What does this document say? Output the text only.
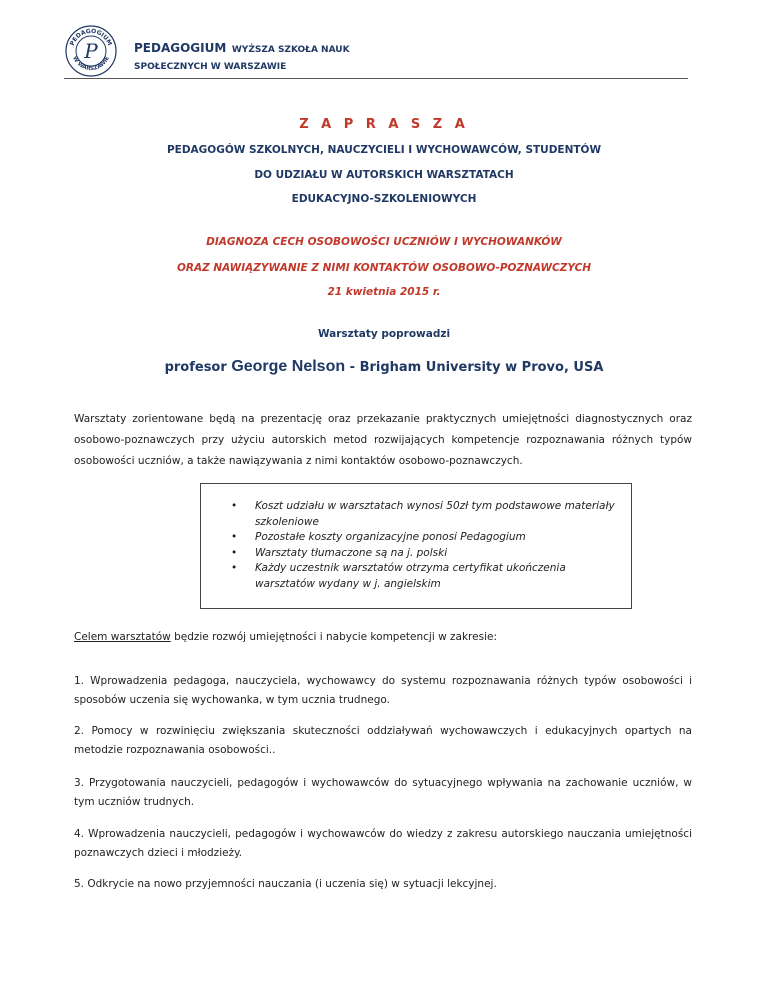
PEDAGOGIUM
W WARSZAWIE
P	PEDAGOGIUM WYŻSZA SZKOŁA NAUK
SPOŁECZNYCH W WARSZAWIE
Z A P R A S Z A
PEDAGOGÓW SZKOLNYCH, NAUCZYCIELI I WYCHOWAWCÓW, STUDENTÓW
DO UDZIAŁU W AUTORSKICH WARSZTATACH
EDUKACYJNO-SZKOLENIOWYCH
DIAGNOZA CECH OSOBOWOŚCI UCZNIÓW I WYCHOWANKÓW
ORAZ NAWIĄZYWANIE Z NIMI KONTAKTÓW OSOBOWO-POZNAWCZYCH
21 kwietnia 2015 r.
Warsztaty poprowadzi
profesor George Nelson - Brigham University w Provo, USA
Warsztaty zorientowane będą na prezentację oraz przekazanie praktycznych umiejętności diagnostycznych oraz osobowo-poznawczych przy użyciu autorskich metod rozwijających kompetencje rozpoznawania różnych typów osobowości uczniów, a także nawiązywania z nimi kontaktów osobowo-poznawczych.
• Koszt udziału w warsztatach wynosi 50zł tym podstawowe materiały szkoleniowe
• Pozostałe koszty organizacyjne ponosi Pedagogium
• Warsztaty tłumaczone są na j. polski
• Każdy uczestnik warsztatów otrzyma certyfikat ukończenia warsztatów wydany w j. angielskim
Celem warsztatów będzie rozwój umiejętności i nabycie kompetencji w zakresie:
1. Wprowadzenia pedagoga, nauczyciela, wychowawcy do systemu rozpoznawania różnych typów osobowości i sposobów uczenia się wychowanka, w tym ucznia trudnego.
2. Pomocy w rozwinięciu zwiększania skuteczności oddziaływań wychowawczych i edukacyjnych opartych na metodzie rozpoznawania osobowości..
3. Przygotowania nauczycieli, pedagogów i wychowawców do sytuacyjnego wpływania na zachowanie uczniów, w tym uczniów trudnych.
4. Wprowadzenia nauczycieli, pedagogów i wychowawców do wiedzy z zakresu autorskiego nauczania umiejętności poznawczych dzieci i młodzieży.
5. Odkrycie na nowo przyjemności nauczania (i uczenia się) w sytuacji lekcyjnej.
